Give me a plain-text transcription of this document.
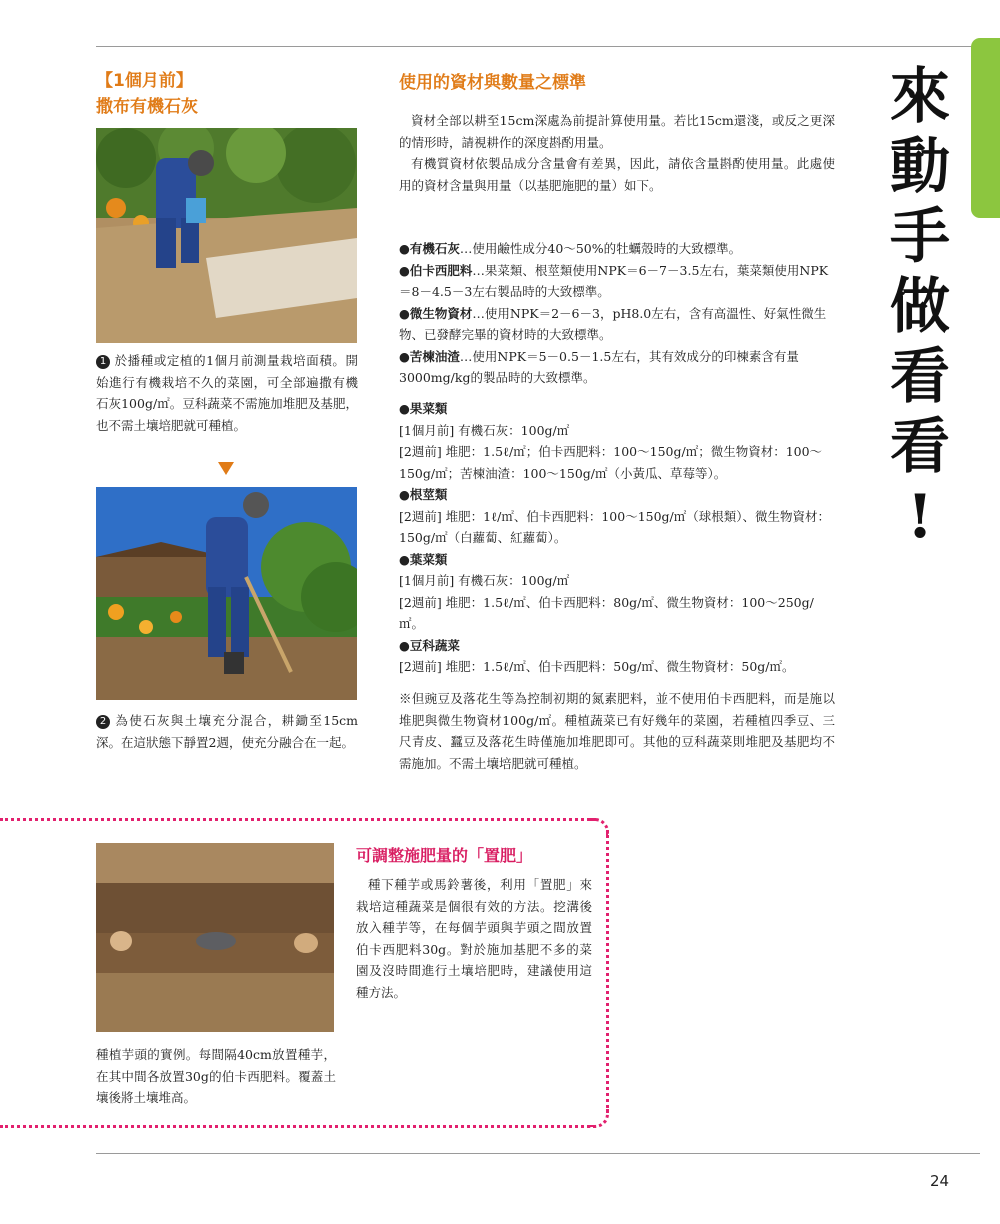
來
動
手
做
看
看
!
【1個月前】
撒布有機石灰
1 於播種或定植的1個月前測量栽培面積。開始進行有機栽培不久的菜園，可全部遍撒有機石灰100g/㎡。豆科蔬菜不需施加堆肥及基肥，也不需土壤培肥就可種植。
2 為使石灰與土壤充分混合，耕鋤至15cm深。在這狀態下靜置2週，使充分融合在一起。
使用的資材與數量之標準

資材全部以耕至15cm深處為前提計算使用量。若比15cm還淺，或反之更深的情形時，請視耕作的深度斟酌用量。

有機質資材依製品成分含量會有差異，因此，請依含量斟酌使用量。此處使用的資材含量與用量（以基肥施肥的量）如下。

●有機石灰…使用鹼性成分40～50%的牡蠣殼時的大致標準。
●伯卡西肥料…果菜類、根莖類使用NPK＝6－7－3.5左右，葉菜類使用NPK＝8－4.5－3左右製品時的大致標準。
●微生物資材…使用NPK＝2－6－3，pH8.0左右，含有高溫性、好氣性微生物、已發酵完畢的資材時的大致標準。
●苦楝油渣…使用NPK＝5－0.5－1.5左右，其有效成分的印楝素含有量3000mg/kg的製品時的大致標準。
●果菜類
[1個月前] 有機石灰：100g/㎡
[2週前] 堆肥：1.5ℓ/㎡；伯卡西肥料：100～150g/㎡；微生物資材：100～150g/㎡；苦楝油渣：100～150g/㎡（小黃瓜、草莓等）。
●根莖類
[2週前] 堆肥：1ℓ/㎡、伯卡西肥料：100～150g/㎡（球根類）、微生物資材：150g/㎡（白蘿蔔、紅蘿蔔）。
●葉菜類
[1個月前] 有機石灰：100g/㎡
[2週前] 堆肥：1.5ℓ/㎡、伯卡西肥料：80g/㎡、微生物資材：100～250g/㎡。
●豆科蔬菜
[2週前] 堆肥：1.5ℓ/㎡、伯卡西肥料：50g/㎡、微生物資材：50g/㎡。
※但豌豆及落花生等為控制初期的氮素肥料，並不使用伯卡西肥料，而是施以堆肥與微生物資材100g/㎡。種植蔬菜已有好幾年的菜園，若種植四季豆、三尺青皮、蠶豆及落花生時僅施加堆肥即可。其他的豆科蔬菜則堆肥及基肥均不需施加。不需土壤培肥就可種植。
種植芋頭的實例。每間隔40cm放置種芋，在其中間各放置30g的伯卡西肥料。覆蓋土壤後將土壤堆高。
可調整施肥量的「置肥」

種下種芋或馬鈴薯後，利用「置肥」來栽培這種蔬菜是個很有效的方法。挖溝後放入種芋等，在每個芋頭與芋頭之間放置伯卡西肥料30g。對於施加基肥不多的菜園及沒時間進行土壤培肥時，建議使用這種方法。

24
